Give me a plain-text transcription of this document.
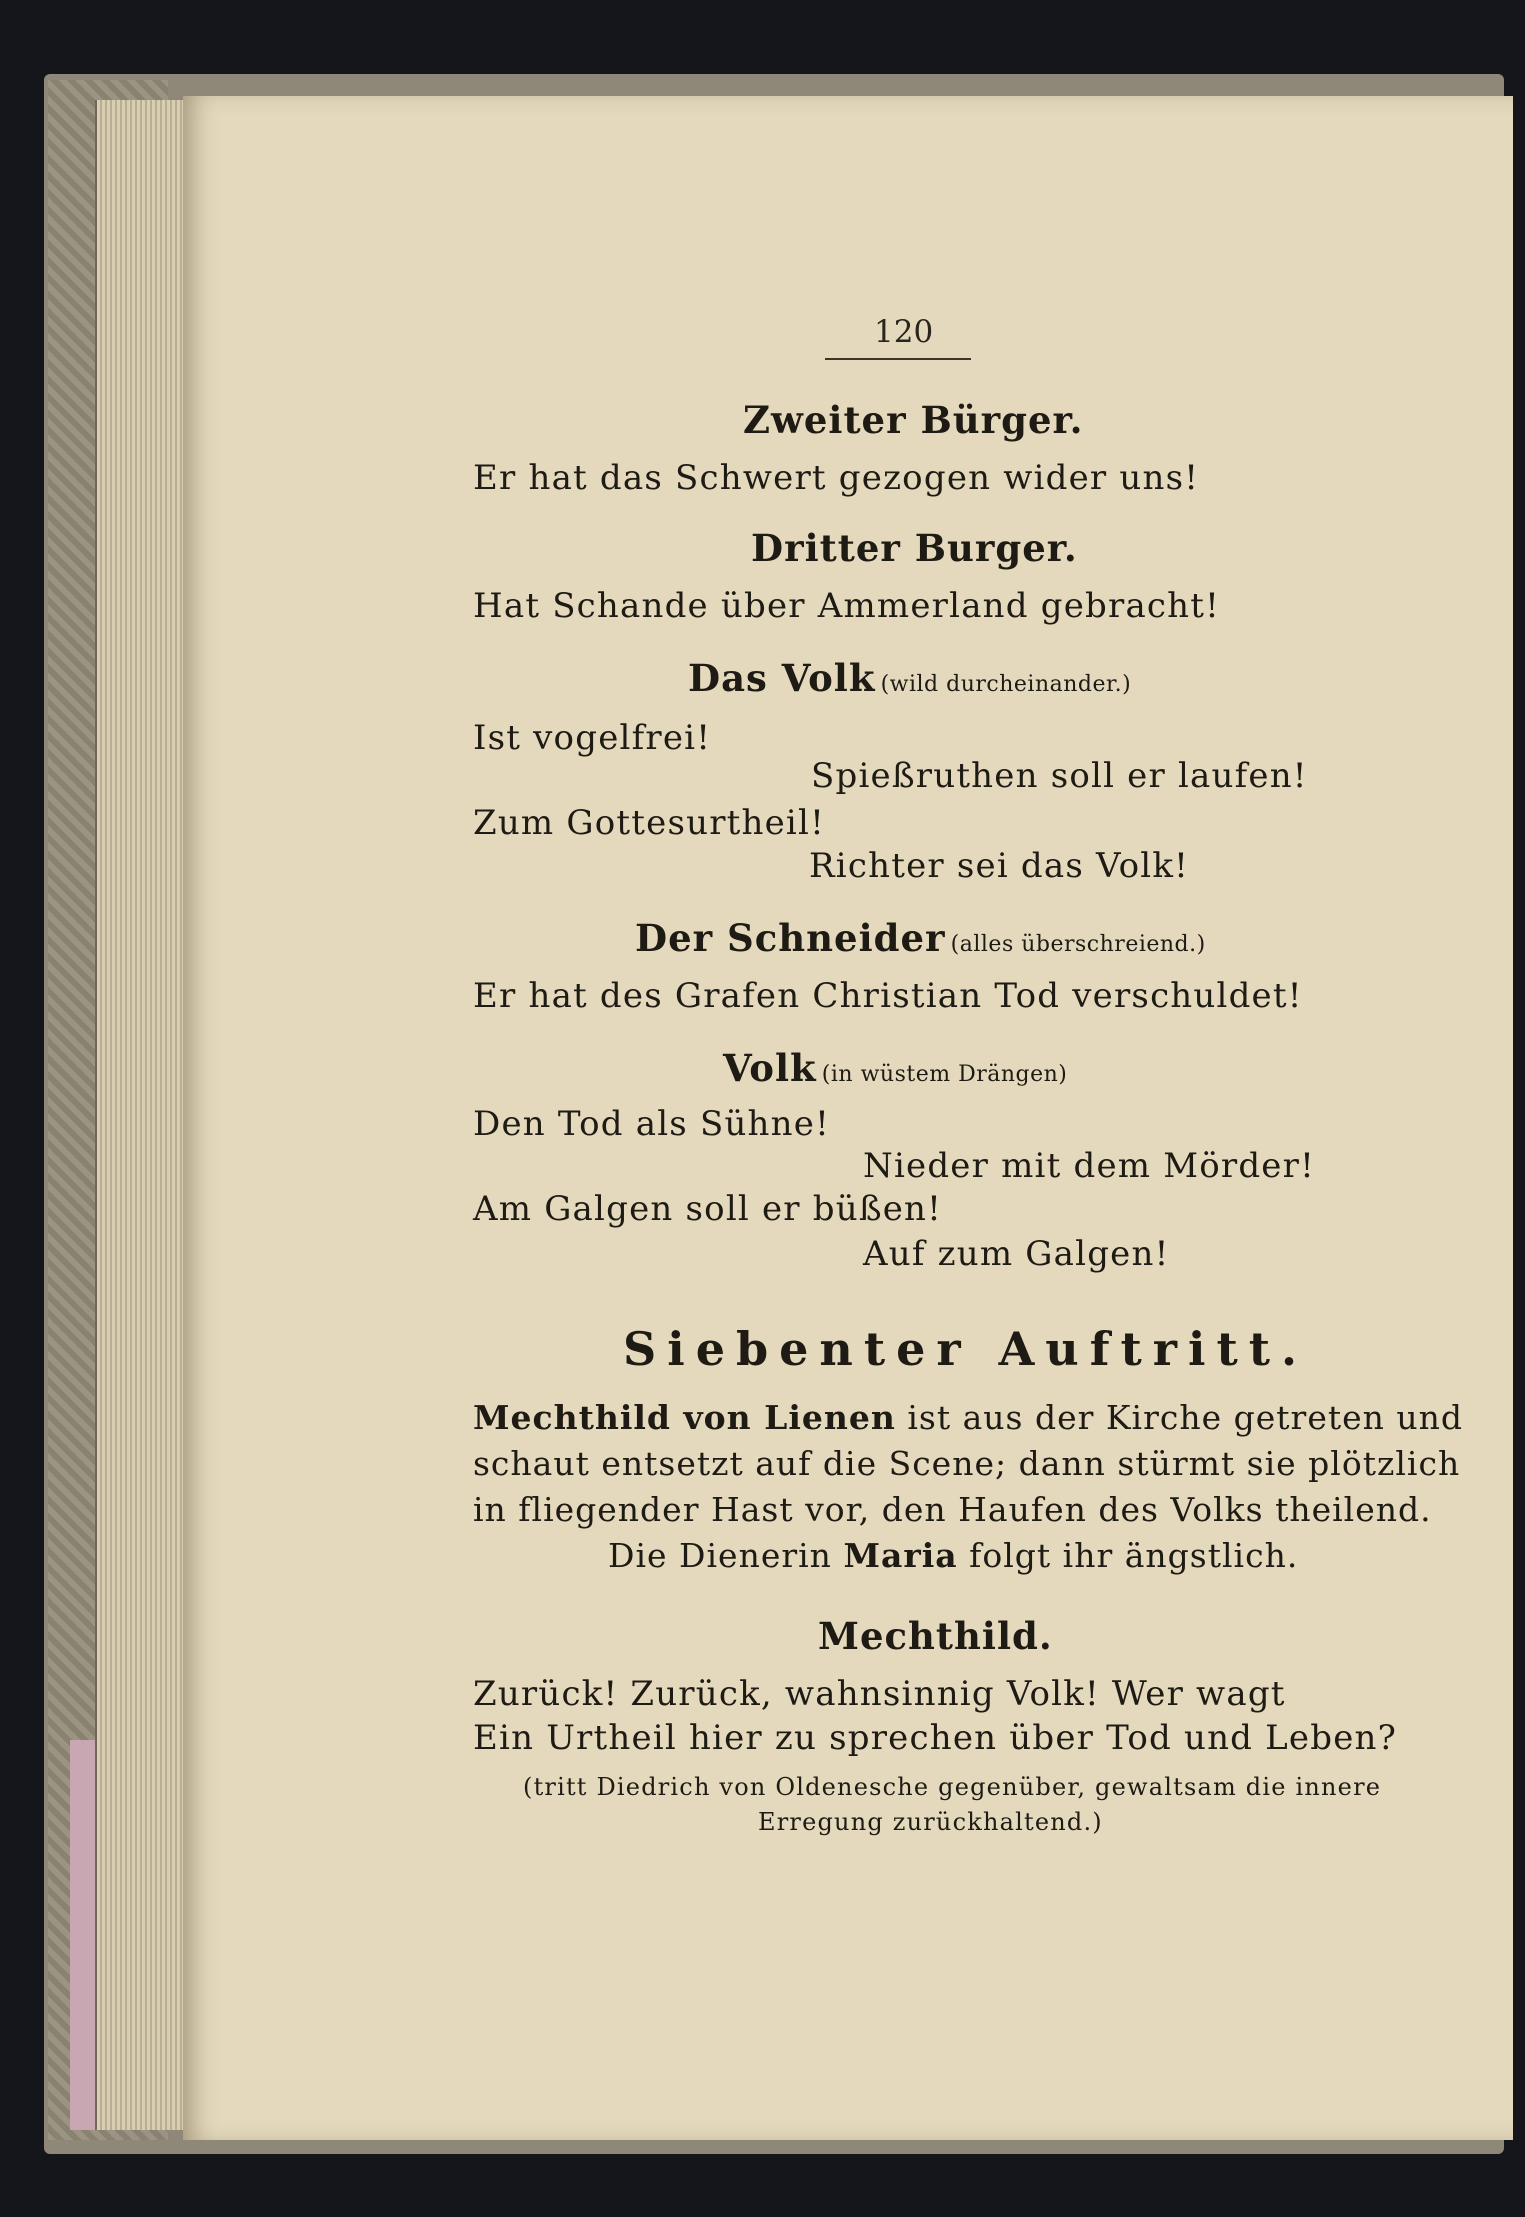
120
Zweiter Bürger.
Er hat das Schwert gezogen wider uns!
Dritter Burger.
Hat Schande über Ammerland gebracht!
Das Volk (wild durcheinander.)
Ist vogelfrei!
Spießruthen soll er laufen!
Zum Gottesurtheil!
Richter sei das Volk!
Der Schneider (alles überschreiend.)
Er hat des Grafen Christian Tod verschuldet!
Volk (in wüstem Drängen)
Den Tod als Sühne!
Nieder mit dem Mörder!
Am Galgen soll er büßen!
Auf zum Galgen!
Siebenter Auftritt.
Mechthild von Lienen ist aus der Kirche getreten und
schaut entsetzt auf die Scene; dann stürmt sie plötzlich
in fliegender Hast vor, den Haufen des Volks theilend.
Die Dienerin Maria folgt ihr ängstlich.
Mechthild.
Zurück! Zurück, wahnsinnig Volk! Wer wagt
Ein Urtheil hier zu sprechen über Tod und Leben?
(tritt Diedrich von Oldenesche gegenüber, gewaltsam die innere
Erregung zurückhaltend.)
